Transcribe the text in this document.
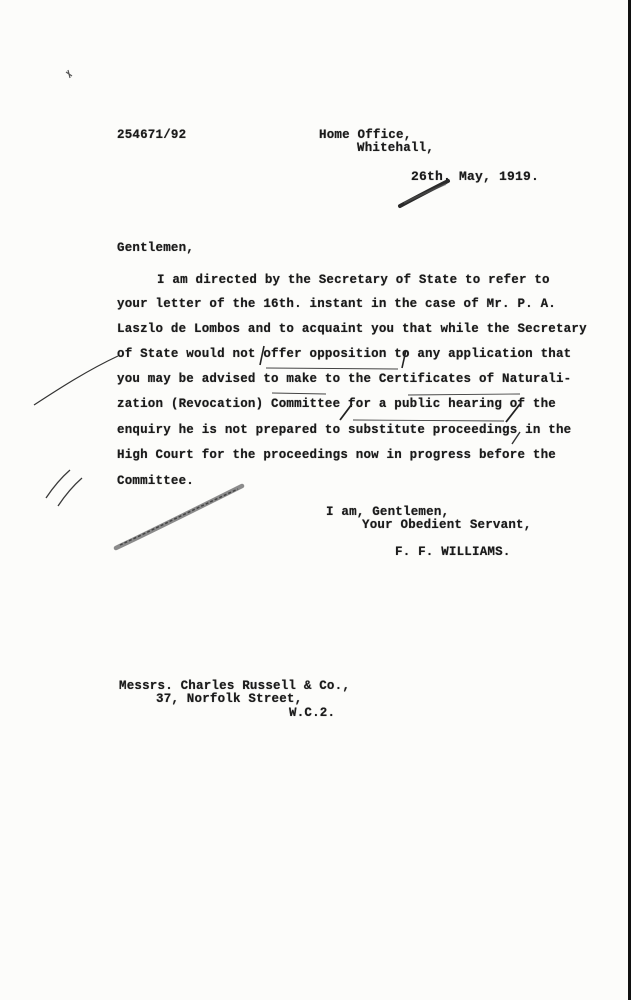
254671/92	Home Office,
Whitehall,
26th. May, 1919.
Gentlemen,
I am directed by the Secretary of State to refer to
your letter of the 16th. instant in the case of Mr. P. A.
Laszlo de Lombos and to acquaint you that while the Secretary
of State would not offer opposition to any application that
you may be advised to make to the Certificates of Naturali-
zation (Revocation) Committee for a public hearing of the
enquiry he is not prepared to substitute proceedings in the
High Court for the proceedings now in progress before the
Committee.
I am, Gentlemen,
Your Obedient Servant,
F. F. WILLIAMS.
Messrs. Charles Russell & Co.,
37, Norfolk Street,
W.C.2.
